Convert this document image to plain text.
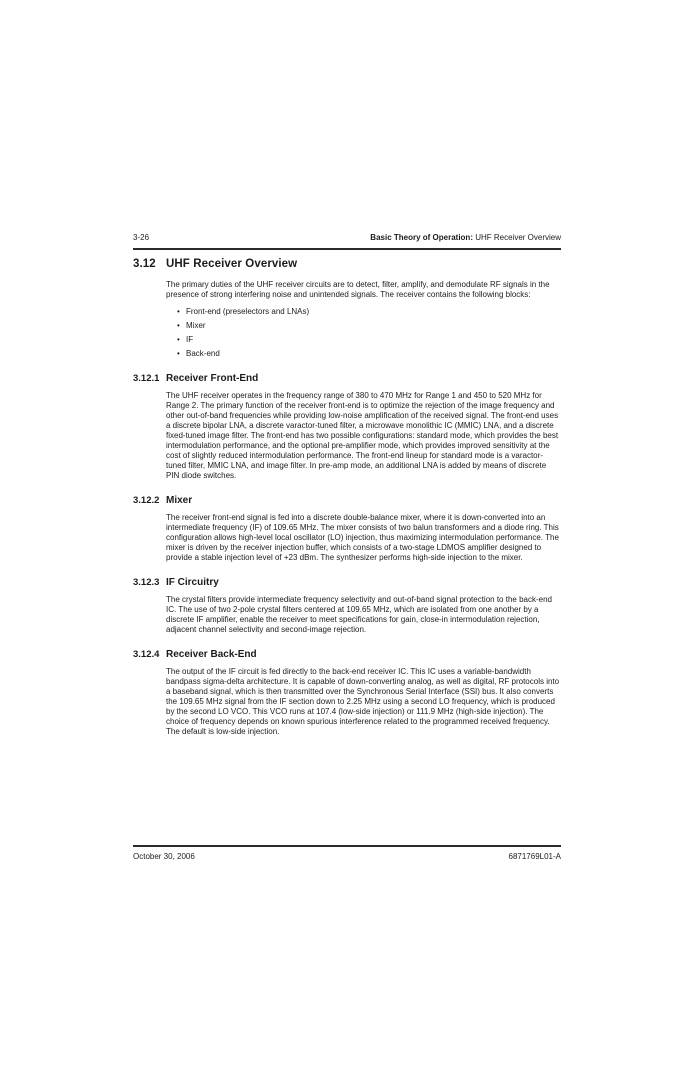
3-26	Basic Theory of Operation: UHF Receiver Overview
3.12 UHF Receiver Overview

The primary duties of the UHF receiver circuits are to detect, filter, amplify, and demodulate RF signals in the presence of strong interfering noise and unintended signals. The receiver contains the following blocks:

• Front-end (preselectors and LNAs)
• Mixer
• IF
• Back-end
3.12.1 Receiver Front-End

The UHF receiver operates in the frequency range of 380 to 470 MHz for Range 1 and 450 to 520 MHz for Range 2. The primary function of the receiver front-end is to optimize the rejection of the image frequency and other out-of-band frequencies while providing low-noise amplification of the received signal. The front-end uses a discrete bipolar LNA, a discrete varactor-tuned filter, a microwave monolithic IC (MMIC) LNA, and a discrete fixed-tuned image filter. The front-end has two possible configurations: standard mode, which provides the best intermodulation performance, and the optional pre-amplifier mode, which provides improved sensitivity at the cost of slightly reduced intermodulation performance. The front-end lineup for standard mode is a varactor-tuned filter, MMIC LNA, and image filter. In pre-amp mode, an additional LNA is added by means of discrete PIN diode switches.

3.12.2 Mixer

The receiver front-end signal is fed into a discrete double-balance mixer, where it is down-converted into an intermediate frequency (IF) of 109.65 MHz. The mixer consists of two balun transformers and a diode ring. This configuration allows high-level local oscillator (LO) injection, thus maximizing intermodulation performance. The mixer is driven by the receiver injection buffer, which consists of a two-stage LDMOS amplifier designed to provide a stable injection level of +23 dBm. The synthesizer performs high-side injection to the mixer.

3.12.3 IF Circuitry

The crystal filters provide intermediate frequency selectivity and out-of-band signal protection to the back-end IC. The use of two 2-pole crystal filters centered at 109.65 MHz, which are isolated from one another by a discrete IF amplifier, enable the receiver to meet specifications for gain, close-in intermodulation rejection, adjacent channel selectivity and second-image rejection.

3.12.4 Receiver Back-End

The output of the IF circuit is fed directly to the back-end receiver IC. This IC uses a variable-bandwidth bandpass sigma-delta architecture. It is capable of down-converting analog, as well as digital, RF protocols into a baseband signal, which is then transmitted over the Synchronous Serial Interface (SSI) bus. It also converts the 109.65 MHz signal from the IF section down to 2.25 MHz using a second LO frequency, which is produced by the second LO VCO. This VCO runs at 107.4 (low-side injection) or 111.9 MHz (high-side injection). The choice of frequency depends on known spurious interference related to the programmed received frequency. The default is low-side injection.

October 30, 2006	6871769L01-A
